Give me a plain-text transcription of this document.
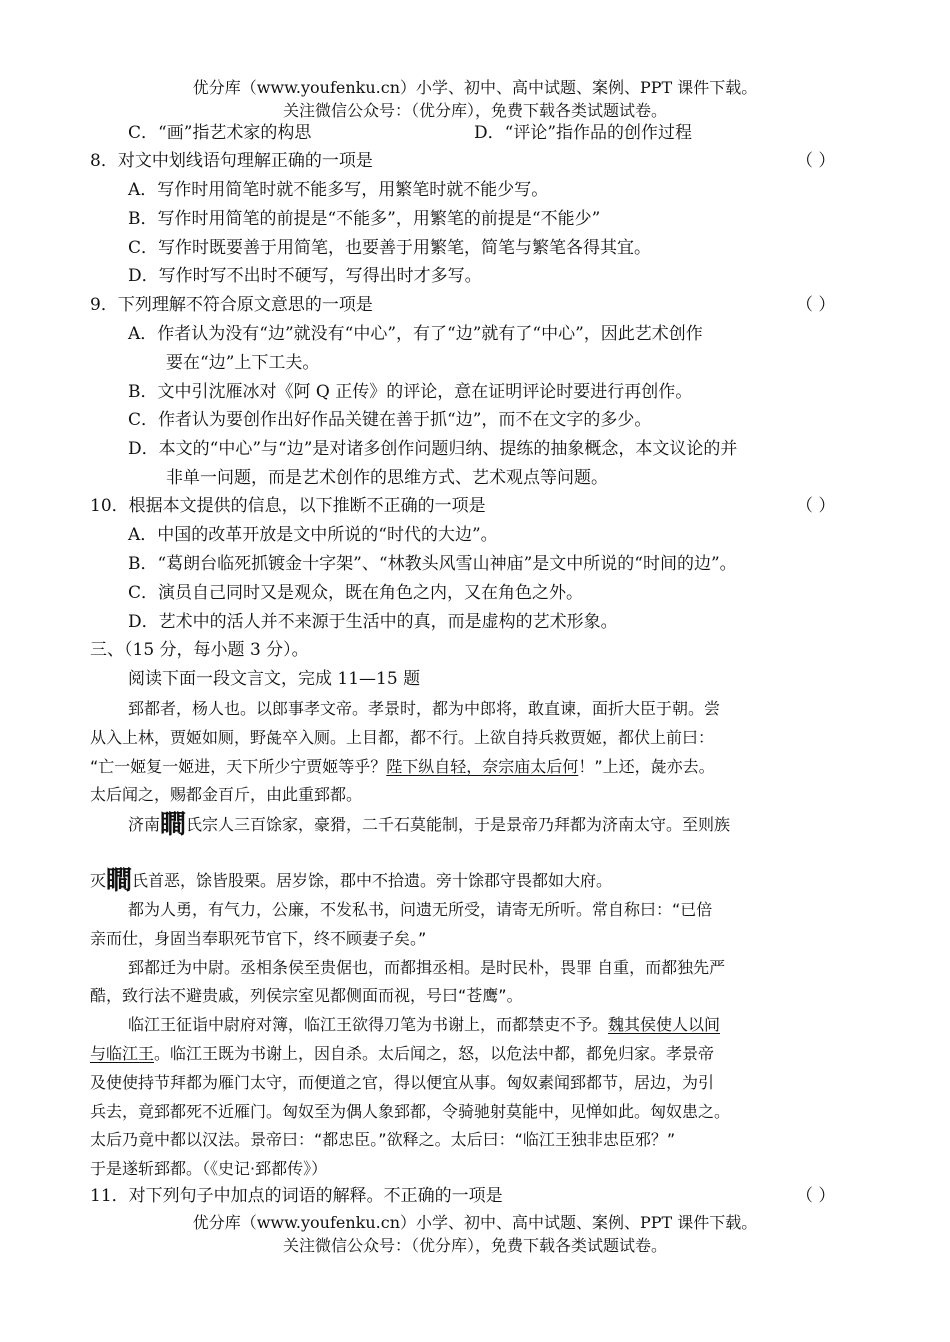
优分库（www.youfenku.cn）小学、初中、高中试题、案例、PPT 课件下载。
关注微信公众号：（优分库），免费下载各类试题试卷。
C．“画”指艺术家的构思	D．“评论”指作品的创作过程
8．对文中划线语句理解正确的一项是	（ ）
A．写作时用简笔时就不能多写，用繁笔时就不能少写。
B．写作时用简笔的前提是“不能多”，用繁笔的前提是“不能少”
C．写作时既要善于用简笔，也要善于用繁笔，简笔与繁笔各得其宜。
D．写作时写不出时不硬写，写得出时才多写。
9．下列理解不符合原文意思的一项是	（ ）
A．作者认为没有“边”就没有“中心”，有了“边”就有了“中心”，因此艺术创作
要在“边”上下工夫。
B．文中引沈雁冰对《阿 Q 正传》的评论，意在证明评论时要进行再创作。
C．作者认为要创作出好作品关键在善于抓“边”，而不在文字的多少。
D．本文的“中心”与“边”是对诸多创作问题归纳、提练的抽象概念，本文议论的并
非单一问题，而是艺术创作的思维方式、艺术观点等问题。
10．根据本文提供的信息，以下推断不正确的一项是	（ ）
A．中国的改革开放是文中所说的“时代的大边”。
B．“葛朗台临死抓镀金十字架”、“林教头风雪山神庙”是文中所说的“时间的边”。
C．演员自己同时又是观众，既在角色之内，又在角色之外。
D．艺术中的活人并不来源于生活中的真，而是虚构的艺术形象。
三、（15 分，每小题 3 分）。
阅读下面一段文言文，完成 11—15 题
郅都者，杨人也。以郎事孝文帝。孝景时，都为中郎将，敢直谏，面折大臣于朝。尝
从入上林，贾姬如厕，野彘卒入厕。上目都，都不行。上欲自持兵救贾姬，都伏上前曰：
“亡一姬复一姬进，天下所少宁贾姬等乎？陛下纵自轻，奈宗庙太后何！”上还，彘亦去。
太后闻之，赐都金百斤，由此重郅都。
济南瞷氏宗人三百馀家，豪猾，二千石莫能制，于是景帝乃拜都为济南太守。至则族
灭瞷氏首恶，馀皆股栗。居岁馀，郡中不拾遗。旁十馀郡守畏都如大府。
都为人勇，有气力，公廉，不发私书，问遗无所受，请寄无所听。常自称曰：“已倍
亲而仕，身固当奉职死节官下，终不顾妻子矣。”
郅都迁为中尉。丞相条侯至贵倨也，而都揖丞相。是时民朴，畏罪 自重，而都独先严
酷，致行法不避贵戚，列侯宗室见都侧面而视，号曰“苍鹰”。
临江王征诣中尉府对簿，临江王欲得刀笔为书谢上，而都禁吏不予。魏其侯使人以间
与临江王。临江王既为书谢上，因自杀。太后闻之，怒，以危法中都，都免归家。孝景帝
及使使持节拜都为雁门太守，而便道之官，得以便宜从事。匈奴素闻郅都节，居边，为引
兵去，竟郅都死不近雁门。匈奴至为偶人象郅都，令骑驰射莫能中，见惮如此。匈奴患之。
太后乃竟中都以汉法。景帝曰：“都忠臣。”欲释之。太后曰：“临江王独非忠臣邪？”
于是遂斩郅都。（《史记·郅都传》）
11．对下列句子中加点的词语的解释。不正确的一项是	（ ）
优分库（www.youfenku.cn）小学、初中、高中试题、案例、PPT 课件下载。
关注微信公众号：（优分库），免费下载各类试题试卷。
